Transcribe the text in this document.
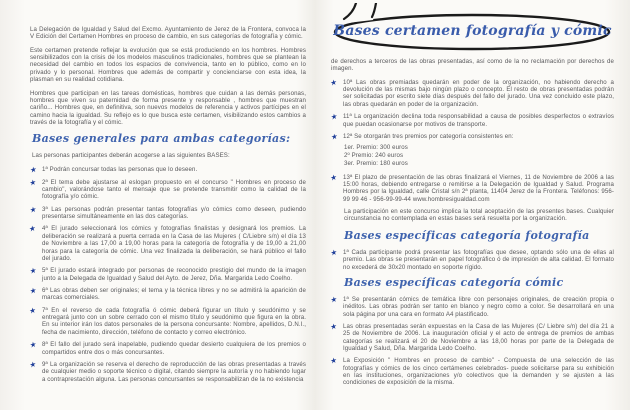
La Delegación de Igualdad y Salud del Excmo. Ayuntamiento de Jerez de la Frontera, convoca la V Edición del Certamen Hombres en proceso de cambio, en sus categorías de fotografía y cómic.

Este certamen pretende reflejar la evolución que se está produciendo en los hombres. Hombres sensibilizados con la crisis de los modelos masculinos tradicionales, hombres que se plantean la necesidad del cambio en todos los espacios de convivencia, tanto en lo público, como en lo privado y lo personal. Hombres que además de compartir y concienciarse con esta idea, la plasman en su realidad cotidiana.

Hombres que participan en las tareas domésticas, hombres que cuidan a las demás personas, hombres que viven su paternidad de forma presente y responsable , hombres que muestran cariño... Hombres que, en definitiva, son nuevos modelos de referencia y activos partícipes en el camino hacia la igualdad. Su reflejo es lo que busca este certamen, visibilizando estos cambios a través de la fotografía y el cómic.

Bases generales para ambas categorías:

Las personas participantes deberán acogerse a las siguientes BASES:

★ 1ª Podrán concursar todas las personas que lo deseen.
★ 2ª El tema debe ajustarse al eslogan propuesto en el concurso " Hombres en proceso de cambio", valorándose tanto el mensaje que se pretende transmitir como la calidad de la fotografía y/o cómic.
★ 3ª Las personas podrán presentar tantas fotografías y/o cómics como deseen, pudiendo presentarse simultáneamente en las dos categorías.
★ 4ª El jurado seleccionará los cómics y fotografías finalistas y designará los premios. La deliberación se realizará a puerta cerrada en la Casa de las Mujeres ( C/Liebre s/n) el día 13 de Noviembre a las 17,00 a 19,00 horas para la categoría de fotografía y de 19,00 a 21,00 horas para la categoría de cómic. Una vez finalizada la deliberación, se hará público el fallo del jurado.
★ 5ª El jurado estará integrado por personas de reconocido prestigio del mundo de la imagen junto a la Delegada de Igualdad y Salud del Ayto. de Jerez, Dña. Margarida Ledo Coelho.
★ 6ª Las obras deben ser originales; el tema y la técnica libres y no se admitirá la aparición de marcas comerciales.
★ 7ª En el reverso de cada fotografía ó cómic deberá figurar un título y seudónimo y se entregará junto con un sobre cerrado con el mismo título y seudónimo que figura en la obra. En su interior irán los datos personales de la persona concursante: Nombre, apellidos, D.N.I., fecha de nacimiento, dirección, teléfono de contacto y correo electrónico.
★ 8ª El fallo del jurado será inapelable, pudiendo quedar desierto cualquiera de los premios o compartidos entre dos o más concursantes.
★ 9ª La organización se reserva el derecho de reproducción de las obras presentadas a través de cualquier medio o soporte técnico o digital, citando siempre la autoría y no habiendo lugar a contraprestación alguna. Las personas concursantes se responsabilizan de la no existencia
Bases certamen fotografía y cómic

de derechos a terceros de las obras presentadas, así como de la no reclamación por derechos de imagen.

★ 10ª Las obras premiadas quedarán en poder de la organización, no habiendo derecho a devolución de las mismas bajo ningún plazo o concepto. El resto de obras presentadas podrán ser solicitadas por escrito siete días después del fallo del jurado. Una vez concluido este plazo, las obras quedarán en poder de la organización.
★ 11ª La organización declina toda responsabilidad a causa de posibles desperfectos o extravíos que puedan ocasionarse por motivos de transporte.
★ 12ª Se otorgarán tres premios por categoría consistentes en:
1er. Premio: 300 euros
2º Premio: 240 euros
3er. Premio: 180 euros
★ 13ª El plazo de presentación de las obras finalizará el Viernes, 11 de Noviembre de 2006 a las 15:00 horas, debiendo entregarse o remitirse a la Delegación de Igualdad y Salud. Programa Hombres por la Igualdad, calle Cristal s/n 2ª planta, 11404 Jerez de la Frontera. Teléfonos: 956-99 99 46 - 956-99-99-44 www.hombresigualdad.com

La participación en este concurso implica la total aceptación de las presentes bases. Cualquier circunstancia no contemplada en estas bases será resuelta por la organización.

Bases específicas categoría fotografía
★ 1ª Cada participante podrá presentar las fotografías que desee, optando sólo una de ellas al premio. Las obras se presentarán en papel fotográfico ó de impresión de alta calidad. El formato no excederá de 30x20 montado en soporte rígido.
Bases específicas categoría cómic
★ 1ª Se presentarán cómics de temática libre con personajes originales, de creación propia o inéditos. Las obras podrán ser tanto en blanco y negro como a color. Se desarrollará en una sola página por una cara en formato A4 plastificado.
★ Las obras presentadas serán expuestas en la Casa de las Mujeres (C/ Liebre s/n) del día 21 a 25 de Noviembre de 2006. La inauguración oficial y el acto de entrega de premios de ambas categorías se realizará el 20 de Noviembre a las 18,00 horas por parte de la Delegada de Igualdad y Salud, Dña. Margarida Ledo Coelho.
★ La Exposición " Hombres en proceso de cambio" - Compuesta de una selección de las fotografías y cómics de los cinco certámenes celebrados- puede solicitarse para su exhibición en las instituciones, organizaciones y/o colectivos que la demanden y se ajusten a las condiciones de exposición de la misma.
